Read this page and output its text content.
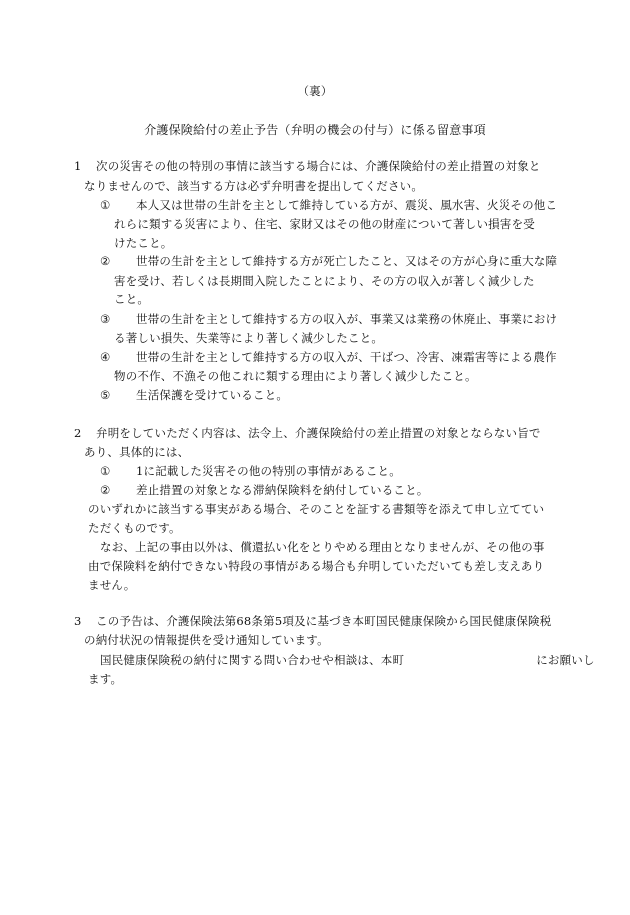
（裏）
介護保険給付の差止予告（弁明の機会の付与）に係る留意事項
1 次の災害その他の特別の事情に該当する場合には、介護保険給付の差止措置の対象と
なりませんので、該当する方は必ず弁明書を提出してください。
① 本人又は世帯の生計を主として維持している方が、震災、風水害、火災その他こ
れらに類する災害により、住宅、家財又はその他の財産について著しい損害を受
けたこと。
② 世帯の生計を主として維持する方が死亡したこと、又はその方が心身に重大な障
害を受け、若しくは長期間入院したことにより、その方の収入が著しく減少した
こと。
③ 世帯の生計を主として維持する方の収入が、事業又は業務の休廃止、事業におけ
る著しい損失、失業等により著しく減少したこと。
④ 世帯の生計を主として維持する方の収入が、干ばつ、冷害、凍霜害等による農作
物の不作、不漁その他これに類する理由により著しく減少したこと。
⑤ 生活保護を受けていること。
2 弁明をしていただく内容は、法令上、介護保険給付の差止措置の対象とならない旨で
あり、具体的には、
① 1に記載した災害その他の特別の事情があること。
② 差止措置の対象となる滞納保険料を納付していること。
のいずれかに該当する事実がある場合、そのことを証する書類等を添えて申し立ててい
ただくものです。
なお、上記の事由以外は、償還払い化をとりやめる理由となりませんが、その他の事
由で保険料を納付できない特段の事情がある場合も弁明していただいても差し支えあり
ません。
3 この予告は、介護保険法第68条第5項及に基づき本町国民健康保険から国民健康保険税
の納付状況の情報提供を受け通知しています。
国民健康保険税の納付に関する問い合わせや相談は、本町	にお願いし
ます。
